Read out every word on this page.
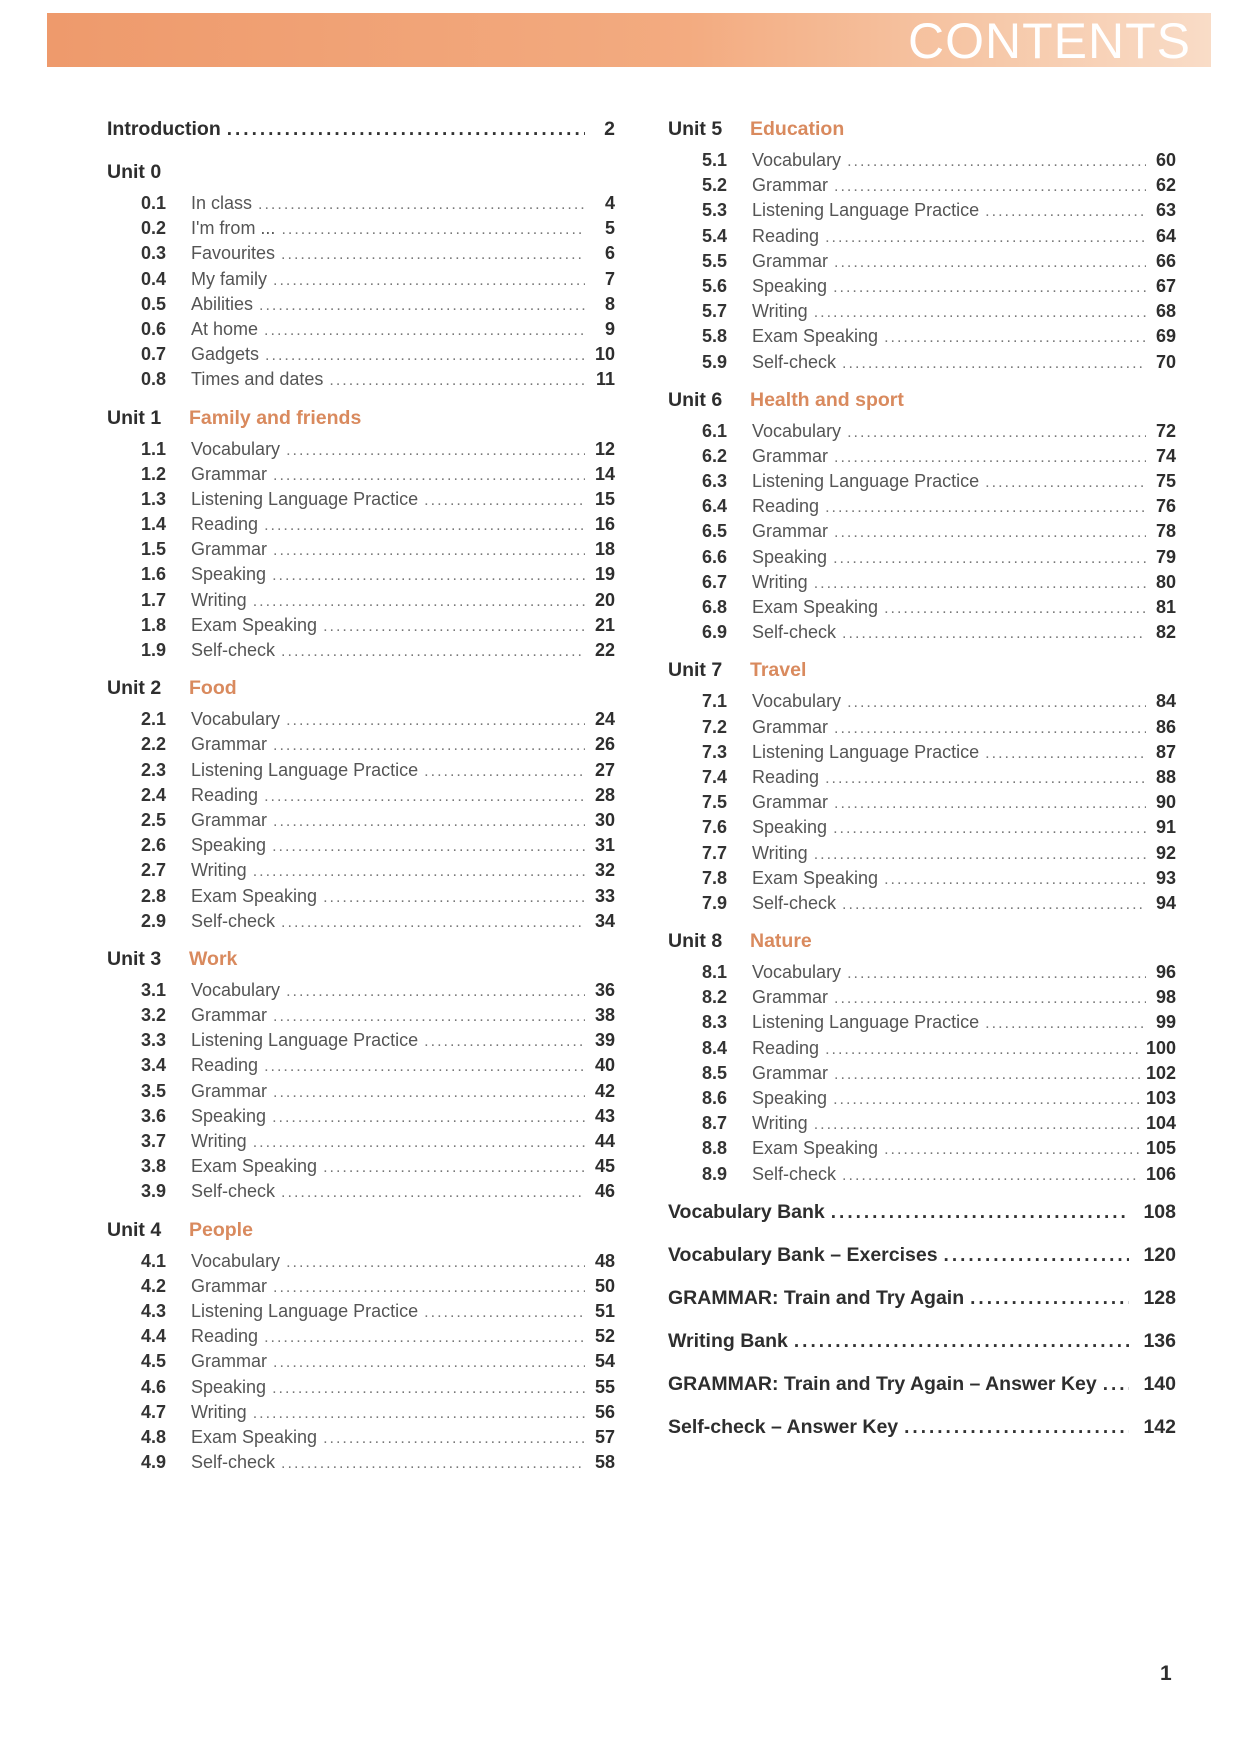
CONTENTS
Introduction .....	2
Unit 0
0.1	In class .....	4
0.2	I'm from ... .....	5
0.3	Favourites .....	6
0.4	My family .....	7
0.5	Abilities .....	8
0.6	At home .....	9
0.7	Gadgets .....	10
0.8	Times and dates .....	11
Unit 1	Family and friends
1.1	Vocabulary .....	12
1.2	Grammar .....	14
1.3	Listening Language Practice .....	15
1.4	Reading .....	16
1.5	Grammar .....	18
1.6	Speaking .....	19
1.7	Writing .....	20
1.8	Exam Speaking .....	21
1.9	Self-check .....	22
Unit 2	Food
2.1	Vocabulary .....	24
2.2	Grammar .....	26
2.3	Listening Language Practice .....	27
2.4	Reading .....	28
2.5	Grammar .....	30
2.6	Speaking .....	31
2.7	Writing .....	32
2.8	Exam Speaking .....	33
2.9	Self-check .....	34
Unit 3	Work
3.1	Vocabulary .....	36
3.2	Grammar .....	38
3.3	Listening Language Practice .....	39
3.4	Reading .....	40
3.5	Grammar .....	42
3.6	Speaking .....	43
3.7	Writing .....	44
3.8	Exam Speaking .....	45
3.9	Self-check .....	46
Unit 4	People
4.1	Vocabulary .....	48
4.2	Grammar .....	50
4.3	Listening Language Practice .....	51
4.4	Reading .....	52
4.5	Grammar .....	54
4.6	Speaking .....	55
4.7	Writing .....	56
4.8	Exam Speaking .....	57
4.9	Self-check .....	58
Unit 5	Education
5.1	Vocabulary .....	60
5.2	Grammar .....	62
5.3	Listening Language Practice .....	63
5.4	Reading .....	64
5.5	Grammar .....	66
5.6	Speaking .....	67
5.7	Writing .....	68
5.8	Exam Speaking .....	69
5.9	Self-check .....	70
Unit 6	Health and sport
6.1	Vocabulary .....	72
6.2	Grammar .....	74
6.3	Listening Language Practice .....	75
6.4	Reading .....	76
6.5	Grammar .....	78
6.6	Speaking .....	79
6.7	Writing .....	80
6.8	Exam Speaking .....	81
6.9	Self-check .....	82
Unit 7	Travel
7.1	Vocabulary .....	84
7.2	Grammar .....	86
7.3	Listening Language Practice .....	87
7.4	Reading .....	88
7.5	Grammar .....	90
7.6	Speaking .....	91
7.7	Writing .....	92
7.8	Exam Speaking .....	93
7.9	Self-check .....	94
Unit 8	Nature
8.1	Vocabulary .....	96
8.2	Grammar .....	98
8.3	Listening Language Practice .....	99
8.4	Reading .....	100
8.5	Grammar .....	102
8.6	Speaking .....	103
8.7	Writing .....	104
8.8	Exam Speaking .....	105
8.9	Self-check .....	106
Vocabulary Bank .....	108
Vocabulary Bank – Exercises .....	120
GRAMMAR: Train and Try Again .....	128
Writing Bank .....	136
GRAMMAR: Train and Try Again – Answer Key ..... 140
Self-check – Answer Key .....	142
1
